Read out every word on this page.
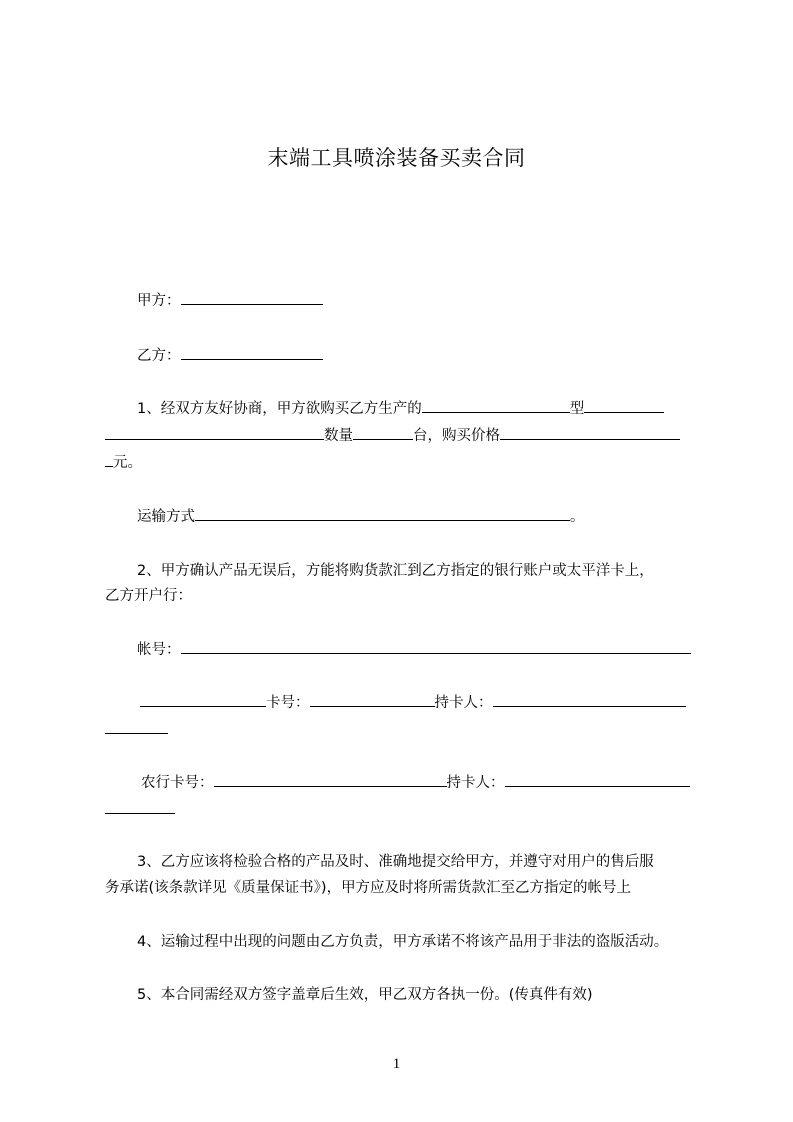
末端工具喷涂装备买卖合同
甲方：
乙方：
1、经双方友好协商，甲方欲购买乙方生产的	型
数量	台，购买价格
元。
运输方式	。
2、甲方确认产品无误后，方能将购货款汇到乙方指定的银行账户或太平洋卡上，
乙方开户行：
帐号：
卡号：	持卡人：
农行卡号：	持卡人：
3、乙方应该将检验合格的产品及时、准确地提交给甲方，并遵守对用户的售后服
务承诺(该条款详见《质量保证书》)，甲方应及时将所需货款汇至乙方指定的帐号上
4、运输过程中出现的问题由乙方负责，甲方承诺不将该产品用于非法的盗版活动。
5、本合同需经双方签字盖章后生效，甲乙双方各执一份。(传真件有效)
1
